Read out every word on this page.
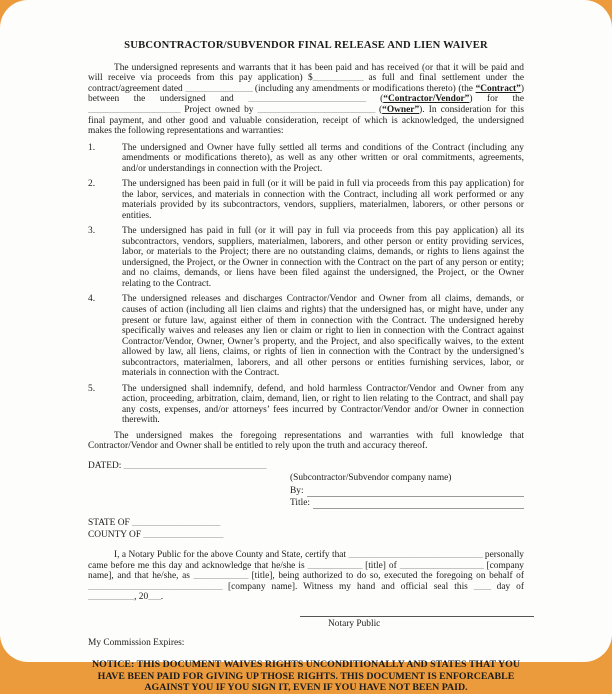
SUBCONTRACTOR/SUBVENDOR FINAL RELEASE AND LIEN WAIVER

The undersigned represents and warrants that it has been paid and has received (or that it will be paid and will receive via proceeds from this pay application) $____________ as full and final settlement under the contract/agreement dated ________________ (including any amendments or modifications thereto) (the “Contract”) between the undersigned and ____________________________ (“Contractor/Vendor”) for the ______________________ Project owned by ____________________________ (“Owner”). In consideration for this final payment, and other good and valuable consideration, receipt of which is acknowledged, the undersigned makes the following representations and warranties:

1.	The undersigned and Owner have fully settled all terms and conditions of the Contract (including any amendments or modifications thereto), as well as any other written or oral commitments, agreements, and/or understandings in connection with the Project.
2.	The undersigned has been paid in full (or it will be paid in full via proceeds from this pay application) for the labor, services, and materials in connection with the Contract, including all work performed or any materials provided by its subcontractors, vendors, suppliers, materialmen, laborers, or other persons or entities.
3.	The undersigned has paid in full (or it will pay in full via proceeds from this pay application) all its subcontractors, vendors, suppliers, materialmen, laborers, and other person or entity providing services, labor, or materials to the Project; there are no outstanding claims, demands, or rights to liens against the undersigned, the Project, or the Owner in connection with the Contract on the part of any person or entity; and no claims, demands, or liens have been filed against the undersigned, the Project, or the Owner relating to the Contract.
4.	The undersigned releases and discharges Contractor/Vendor and Owner from all claims, demands, or causes of action (including all lien claims and rights) that the undersigned has, or might have, under any present or future law, against either of them in connection with the Contract. The undersigned hereby specifically waives and releases any lien or claim or right to lien in connection with the Contract against Contractor/Vendor, Owner, Owner’s property, and the Project, and also specifically waives, to the extent allowed by law, all liens, claims, or rights of lien in connection with the Contract by the undersigned’s subcontractors, materialmen, laborers, and all other persons or entities furnishing services, labor, or materials in connection with the Contract.
5.	The undersigned shall indemnify, defend, and hold harmless Contractor/Vendor and Owner from any action, proceeding, arbitration, claim, demand, lien, or right to lien relating to the Contract, and shall pay any costs, expenses, and/or attorneys’ fees incurred by Contractor/Vendor and/or Owner in connection therewith.

The undersigned makes the foregoing representations and warranties with full knowledge that Contractor/Vendor and Owner shall be entitled to rely upon the truth and accuracy thereof.

DATED: __________________________________
(Subcontractor/Subvendor company name)
By:
Title:
STATE OF _____________________
COUNTY OF ___________________

I, a Notary Public for the above County and State, certify that ________________________________ personally came before me this day and acknowledge that he/she is _____________ [title] of ____________________ [company name], and that he/she, as _____________ [title], being authorized to do so, executed the foregoing on behalf of ________________________________ [company name]. Witness my hand and official seal this ____ day of ___________, 20___.

Notary Public
My Commission Expires:

NOTICE: THIS DOCUMENT WAIVES RIGHTS UNCONDITIONALLY AND STATES THAT YOU HAVE BEEN PAID FOR GIVING UP THOSE RIGHTS. THIS DOCUMENT IS ENFORCEABLE AGAINST YOU IF YOU SIGN IT, EVEN IF YOU HAVE NOT BEEN PAID.
